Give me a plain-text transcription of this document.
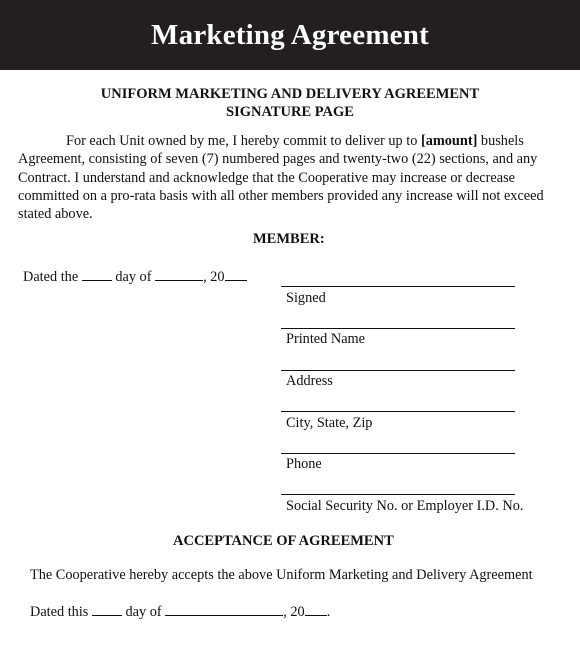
Marketing Agreement
UNIFORM MARKETING AND DELIVERY AGREEMENT
SIGNATURE PAGE
For each Unit owned by me, I hereby commit to deliver up to [amount] bushels
Agreement, consisting of seven (7) numbered pages and twenty-two (22) sections, and any
Contract. I understand and acknowledge that the Cooperative may increase or decrease
committed on a pro-rata basis with all other members provided any increase will not exceed
stated above.
MEMBER:
Dated the	day of	, 20
Signed
Printed Name
Address
City, State, Zip
Phone
Social Security No. or Employer I.D. No.
ACCEPTANCE OF AGREEMENT
The Cooperative hereby accepts the above Uniform Marketing and Delivery Agreement
Dated this	day of	, 20 .
